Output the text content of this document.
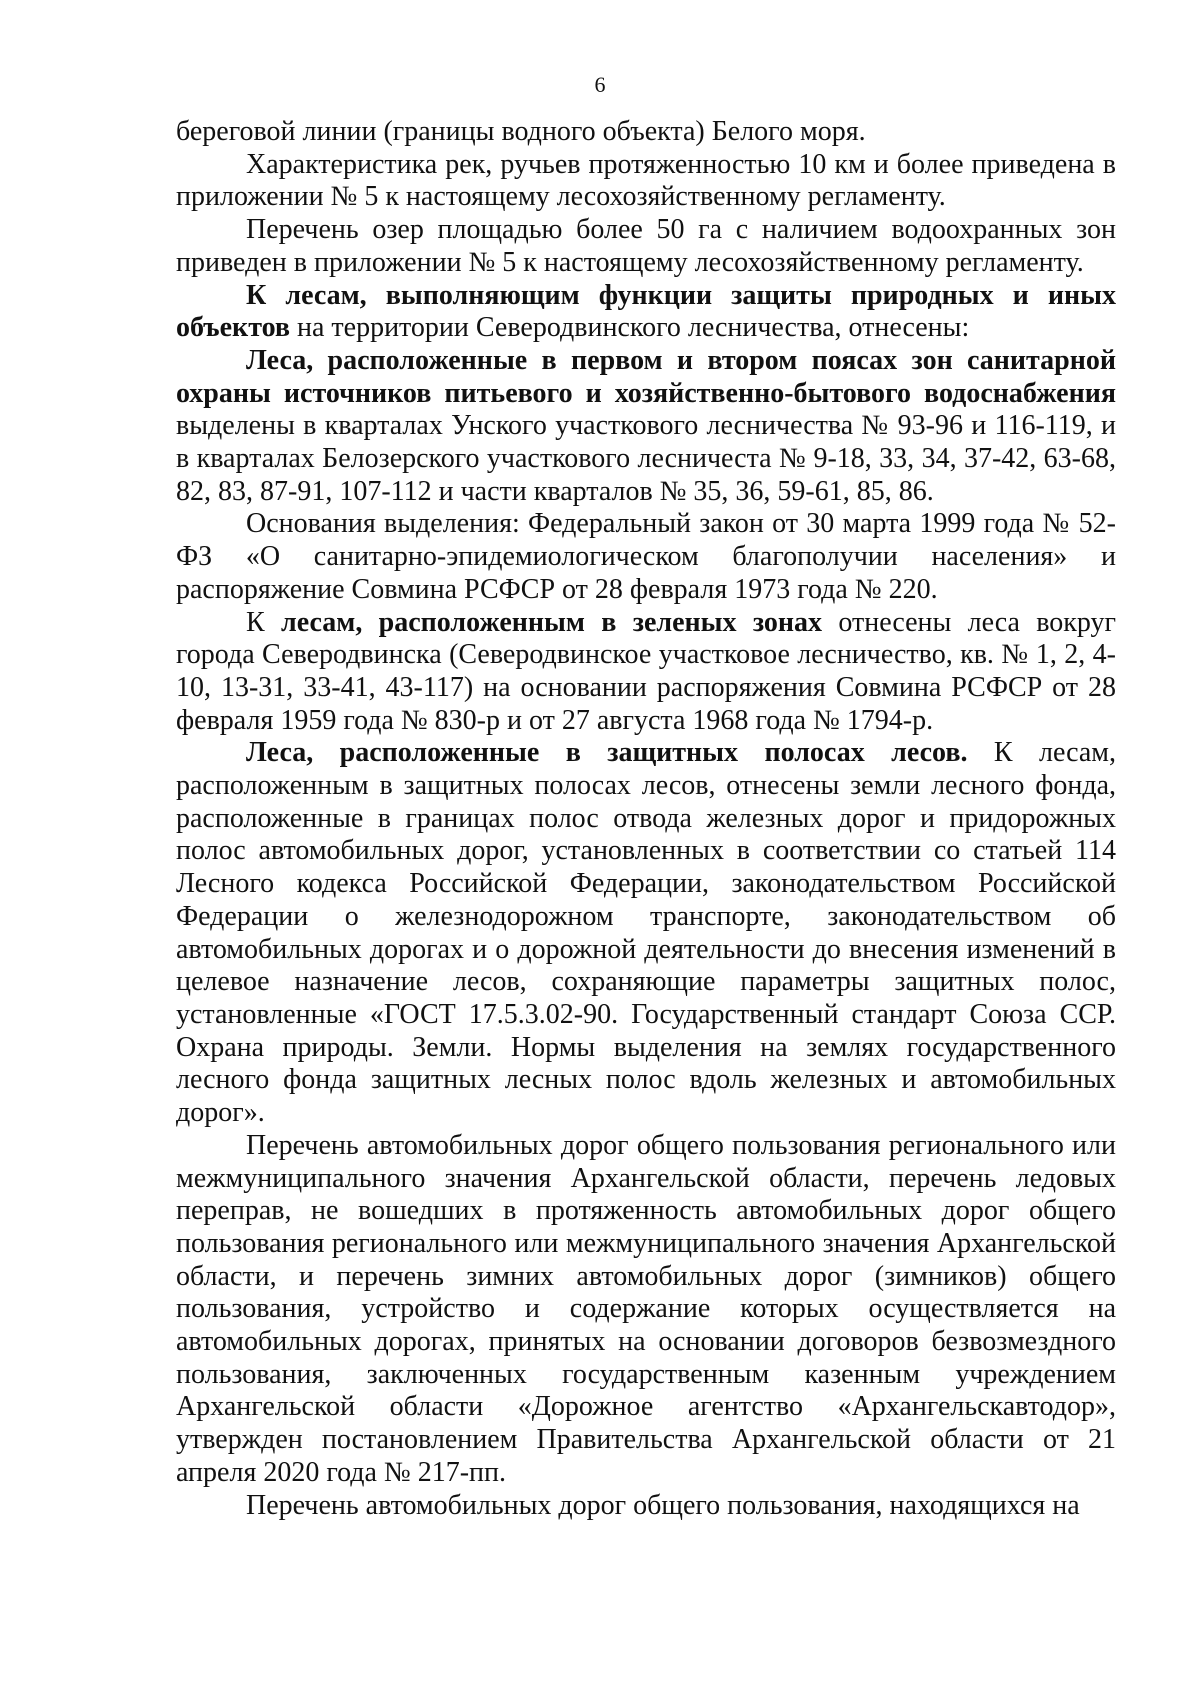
6

береговой линии (границы водного объекта) Белого моря.

Характеристика рек, ручьев протяженностью 10 км и более приведена в приложении № 5 к настоящему лесохозяйственному регламенту.

Перечень озер площадью более 50 га с наличием водоохранных зон приведен в приложении № 5 к настоящему лесохозяйственному регламенту.

К лесам, выполняющим функции защиты природных и иных объектов на территории Северодвинского лесничества, отнесены:

Леса, расположенные в первом и втором поясах зон санитарной охраны источников питьевого и хозяйственно-бытового водоснабжения выделены в кварталах Унского участкового лесничества № 93-96 и 116-119, и в кварталах Белозерского участкового лесничеста № 9-18, 33, 34, 37-42, 63-68, 82, 83, 87-91, 107-112 и части кварталов № 35, 36, 59-61, 85, 86.

Основания выделения: Федеральный закон от 30 марта 1999 года № 52-ФЗ «О санитарно-эпидемиологическом благополучии населения» и распоряжение Совмина РСФСР от 28 февраля 1973 года № 220.

К лесам, расположенным в зеленых зонах отнесены леса вокруг города Северодвинска (Северодвинское участковое лесничество, кв. № 1, 2, 4-10, 13-31, 33-41, 43-117) на основании распоряжения Совмина РСФСР от 28 февраля 1959 года № 830-р и от 27 августа 1968 года № 1794-р.

Леса, расположенные в защитных полосах лесов. К лесам, расположенным в защитных полосах лесов, отнесены земли лесного фонда, расположенные в границах полос отвода железных дорог и придорожных полос автомобильных дорог, установленных в соответствии со статьей 114 Лесного кодекса Российской Федерации, законодательством Российской Федерации о железнодорожном транспорте, законодательством об автомобильных дорогах и о дорожной деятельности до внесения изменений в целевое назначение лесов, сохраняющие параметры защитных полос, установленные «ГОСТ 17.5.3.02-90. Государственный стандарт Союза ССР. Охрана природы. Земли. Нормы выделения на землях государственного лесного фонда защитных лесных полос вдоль железных и автомобильных дорог».

Перечень автомобильных дорог общего пользования регионального или межмуниципального значения Архангельской области, перечень ледовых переправ, не вошедших в протяженность автомобильных дорог общего пользования регионального или межмуниципального значения Архангельской области, и перечень зимних автомобильных дорог (зимников) общего пользования, устройство и содержание которых осуществляется на автомобильных дорогах, принятых на основании договоров безвозмездного пользования, заключенных государственным казенным учреждением Архангельской области «Дорожное агентство «Архангельскавтодор», утвержден постановлением Правительства Архангельской области от 21 апреля 2020 года № 217-пп.

Перечень автомобильных дорог общего пользования, находящихся на
